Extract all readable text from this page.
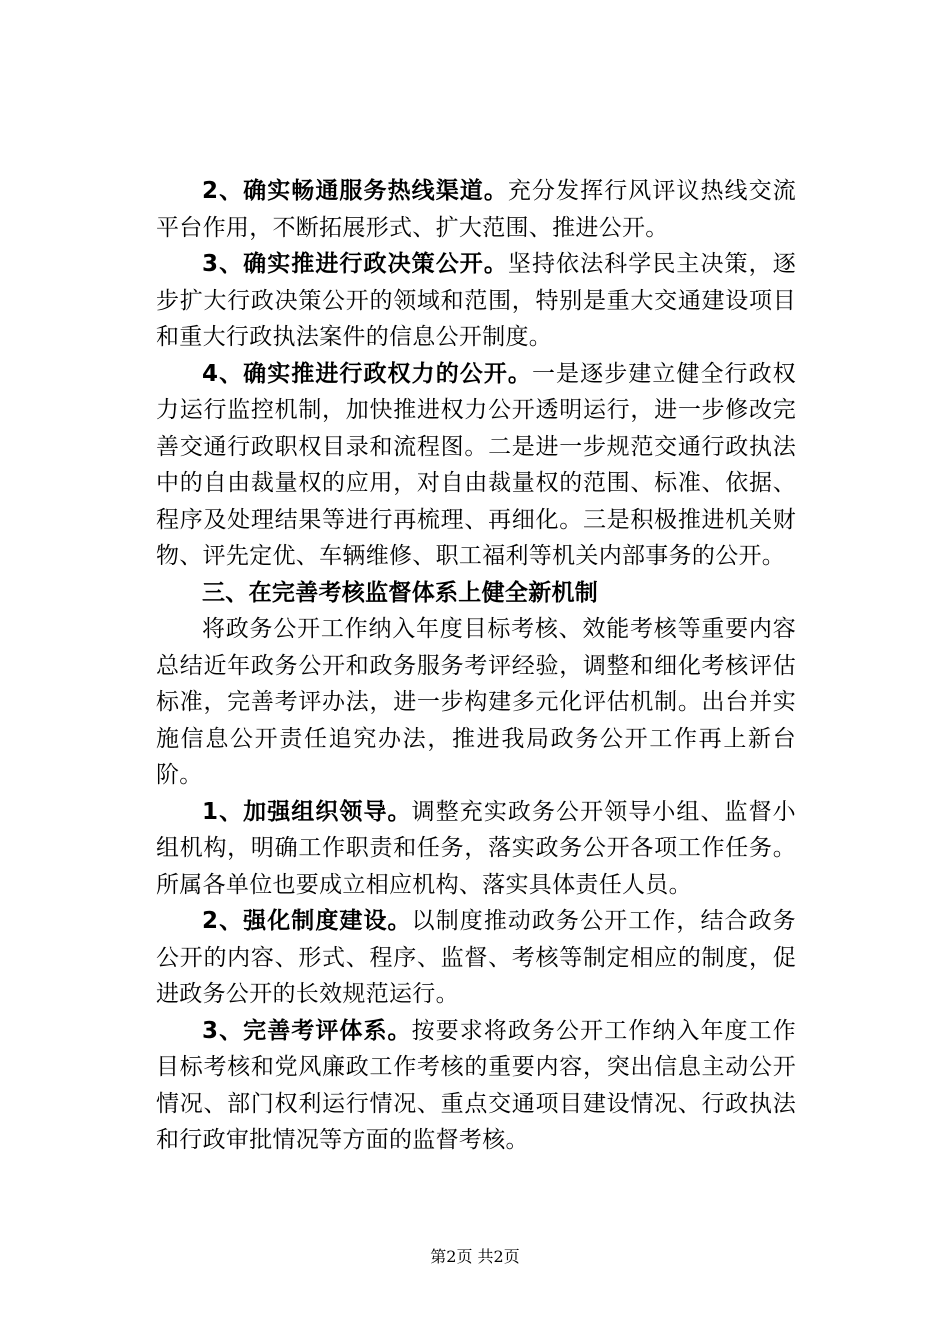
2、确实畅通服务热线渠道。充分发挥行风评议热线交流平台作用，不断拓展形式、扩大范围、推进公开。

3、确实推进行政决策公开。坚持依法科学民主决策，逐步扩大行政决策公开的领域和范围，特别是重大交通建设项目和重大行政执法案件的信息公开制度。

4、确实推进行政权力的公开。一是逐步建立健全行政权力运行监控机制，加快推进权力公开透明运行，进一步修改完善交通行政职权目录和流程图。二是进一步规范交通行政执法中的自由裁量权的应用，对自由裁量权的范围、标准、依据、程序及处理结果等进行再梳理、再细化。三是积极推进机关财物、评先定优、车辆维修、职工福利等机关内部事务的公开。

三、在完善考核监督体系上健全新机制

将政务公开工作纳入年度目标考核、效能考核等重要内容总结近年政务公开和政务服务考评经验，调整和细化考核评估标准，完善考评办法，进一步构建多元化评估机制。出台并实施信息公开责任追究办法，推进我局政务公开工作再上新台阶。

1、加强组织领导。调整充实政务公开领导小组、监督小组机构，明确工作职责和任务，落实政务公开各项工作任务。所属各单位也要成立相应机构、落实具体责任人员。

2、强化制度建设。以制度推动政务公开工作，结合政务公开的内容、形式、程序、监督、考核等制定相应的制度，促进政务公开的长效规范运行。

3、完善考评体系。按要求将政务公开工作纳入年度工作目标考核和党风廉政工作考核的重要内容，突出信息主动公开情况、部门权利运行情况、重点交通项目建设情况、行政执法和行政审批情况等方面的监督考核。

第2页 共2页
